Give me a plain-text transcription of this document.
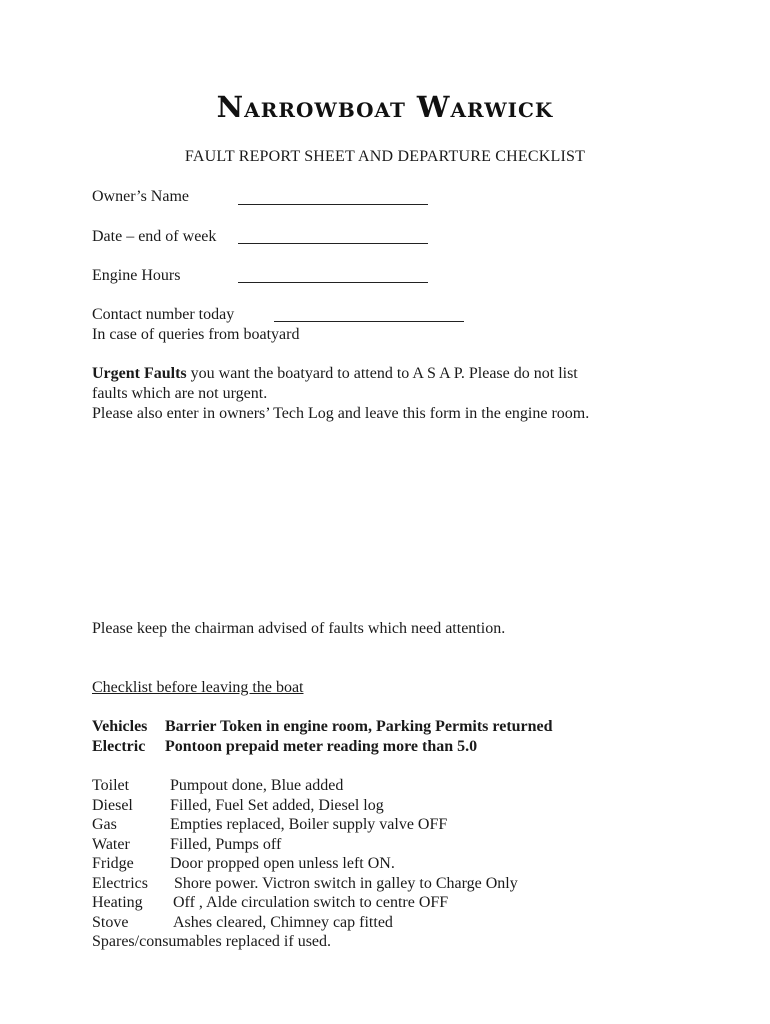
Narrowboat Warwick
FAULT REPORT SHEET AND DEPARTURE CHECKLIST
Owner’s Name
Date – end of week
Engine Hours
Contact number today
In case of queries from boatyard
Urgent Faults you want the boatyard to attend to A S A P. Please do not list
faults which are not urgent.
Please also enter in owners’ Tech Log and leave this form in the engine room.
Please keep the chairman advised of faults which need attention.
Checklist before leaving the boat
Vehicles Barrier Token in engine room, Parking Permits returned
Electric Pontoon prepaid meter reading more than 5.0
Toilet	Pumpout done, Blue added
Diesel Filled, Fuel Set added, Diesel log
Gas	Empties replaced, Boiler supply valve OFF
Water	Filled, Pumps off
Fridge Door propped open unless left ON.
Electrics Shore power. Victron switch in galley to Charge Only
Heating Off , Alde circulation switch to centre OFF
Stove	Ashes cleared, Chimney cap fitted
Spares/consumables replaced if used.
